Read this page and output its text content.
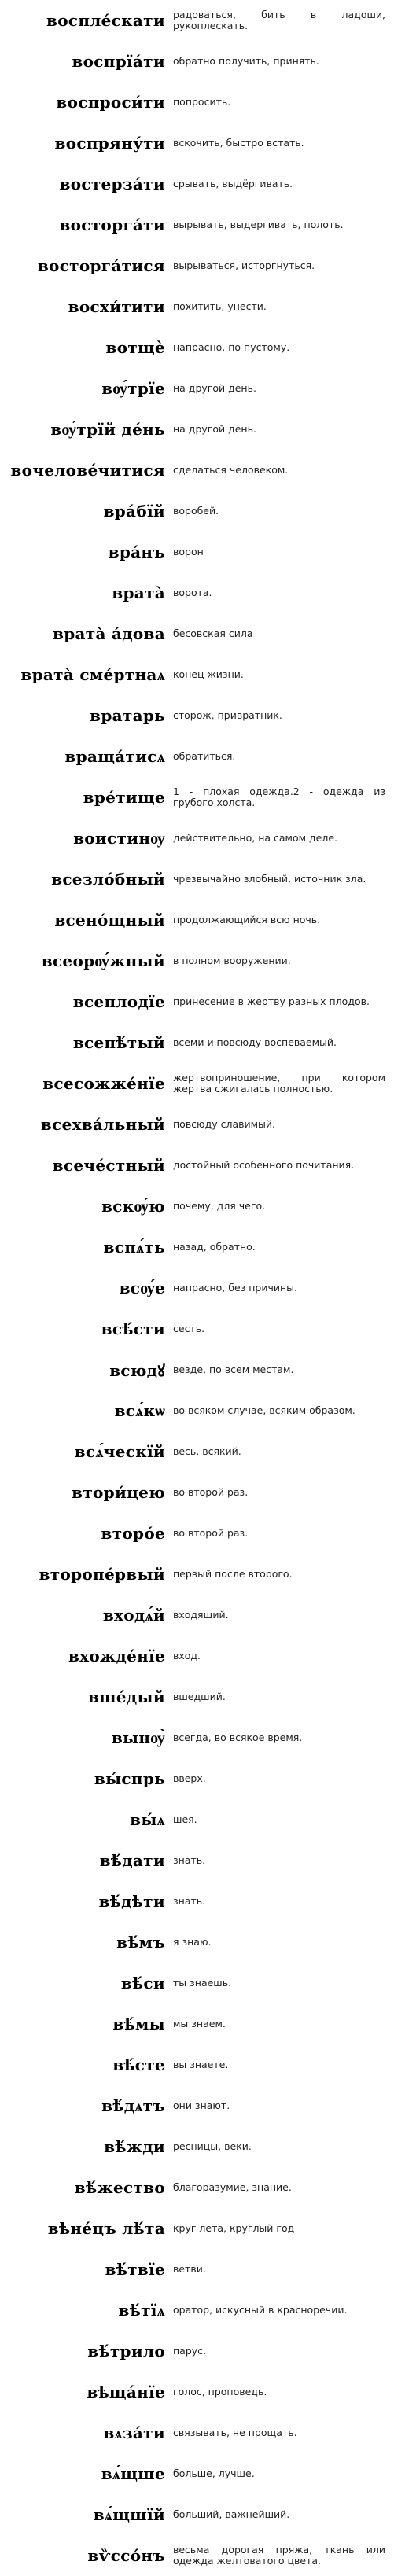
воспле́скати радоваться, бить в ладоши, рукоплескать.
воспрїа́ти обратно получить, принять.
воспроси́ти попросить.
воспряну́ти вскочить, быстро встать.
востерза́ти срывать, выдёргивать.
восторга́ти вырывать, выдергивать, полоть.
восторга́тися вырываться, исторгнуться.
восхи́тити похитить, унести.
вотщѐ напрасно, по пустому.
вѹ́трїе на другой день.
вѹ́трїй де́нь на другой день.
вочелове́читися сделаться человеком.
вра́бїй воробей.
вра́нъ ворон
врата̀ ворота.
врата̀ а́дова бесовская сила
врата̀ сме́ртнаѧ конец жизни.
вратарь сторож, привратник.
враща́тисѧ обратиться.
вре́тище 1 - плохая одежда.2 - одежда из грубого холста.
воистинѹ действительно, на самом деле.
всезло́бный чрезвычайно злобный, источник зла.
всено́щный продолжающийся всю ночь.
всеорѹ́жный в полном вооружении.
всеплодїе принесение в жертву разных плодов.
всепѣ́тый всеми и повсюду воспеваемый.
всесожже́нїе жертвоприношение, при котором жертва сжигалась полностью.
всехва́льный повсюду славимый.
всече́стный достойный особенного почитания.
вскѹ́ю почему, для чего.
вспѧ́ть назад, обратно.
всѹ́е напрасно, без причины.
вcѣ́сти сесть.
всюдꙋ везде, по всем местам.
всѧ́кѡ во всяком случае, всяким образом.
всѧ́ческїй весь, всякий.
втори́цею во второй раз.
второ́е во второй раз.
второпе́рвый первый после второго.
входѧ́й входящий.
вхожде́нїе вход.
вше́дый вшедший.
вынѹ̀ всегда, во всякое время.
вы́спрь вверх.
вы́ѧ шея.
вѣ́дати знать.
вѣ́дѣти знать.
вѣ́мъ я знаю.
вѣ́си ты знаешь.
вѣ́мы мы знаем.
вѣ́сте вы знаете.
вѣ́дѧтъ они знают.
вѣ́жди ресницы, веки.
вѣ́жество благоразумие, знание.
вѣне́цъ лѣ́та круг лета, круглый год
вѣ́твїе ветви.
вѣ́тїѧ оратор, искусный в красноречии.
вѣ́трило парус.
вѣща́нїе голос, проповедь.
вѧза́ти связывать, не прощать.
вѧ́щше больше, лучше.
вѧ́щшїй больший, важнейший.
вѷссо́нъ весьма дорогая пряжа, ткань или одежда желтоватого цвета.
